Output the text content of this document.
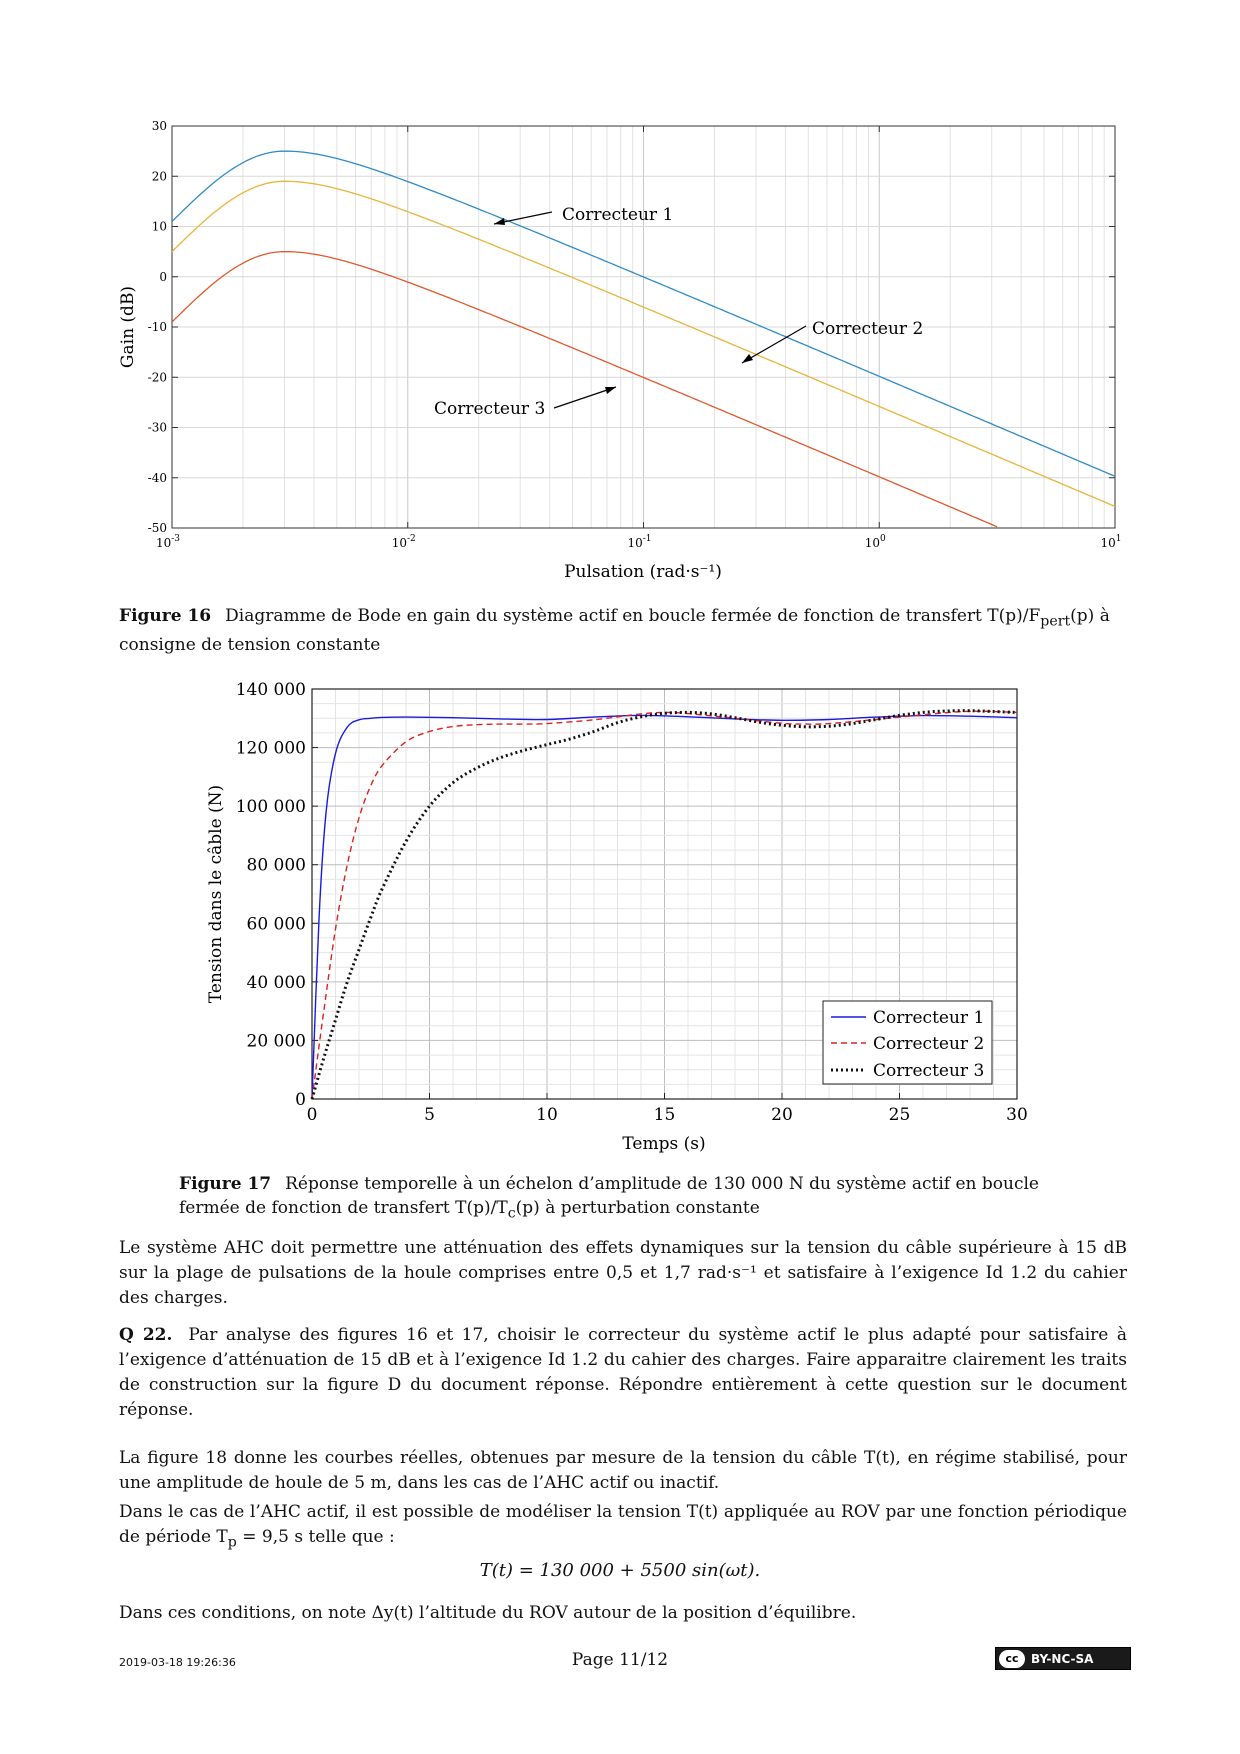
30
20
10
0
-10
-20
-30
-40
-50
$10^{-3}$	$10^{-2}$	$10^{-1}$	$10^0$	$10^1$
Pulsation (rad·s⁻¹)
Gain (dB)
Correcteur 1
Correcteur 2
Correcteur 3
Figure 16 Diagramme de Bode en gain du système actif en boucle fermée de fonction de transfert $T(p)/F_{pert}(p)$ à consigne de tension constante
140 000
120 000
100 000
80 000
60 000
40 000
20 000
0
0	5	10	15	20	25	30
Temps (s)
Tension dans le câble (N)
Correcteur 1
Correcteur 2
Correcteur 3
Figure 17 Réponse temporelle à un échelon d’amplitude de 130 000 N du système actif en boucle
fermée de fonction de transfert $T(p)/T_c(p)$ à perturbation constante
Le système AHC doit permettre une atténuation des effets dynamiques sur la tension du câble supérieure à 15 dB sur la plage de pulsations de la houle comprises entre 0,5 et 1,7 rad·s⁻¹ et satisfaire à l’exigence Id 1.2 du cahier des charges.
Q 22. Par analyse des figures 16 et 17, choisir le correcteur du système actif le plus adapté pour satisfaire à l’exigence d’atténuation de 15 dB et à l’exigence Id 1.2 du cahier des charges. Faire apparaitre clairement les traits de construction sur la figure D du document réponse. Répondre entièrement à cette question sur le document réponse.
La figure 18 donne les courbes réelles, obtenues par mesure de la tension du câble T(t), en régime stabilisé, pour une amplitude de houle de 5 m, dans les cas de l’AHC actif ou inactif.
Dans le cas de l’AHC actif, il est possible de modéliser la tension T(t) appliquée au ROV par une fonction périodique de période $T_p = 9,5$ s telle que :
T(t) = 130 000 + 5500 sin(ωt).
Dans ces conditions, on note Δy(t) l’altitude du ROV autour de la position d’équilibre.
2019-03-18 19:26:36	Page 11/12	cc	BY-NC-SA
